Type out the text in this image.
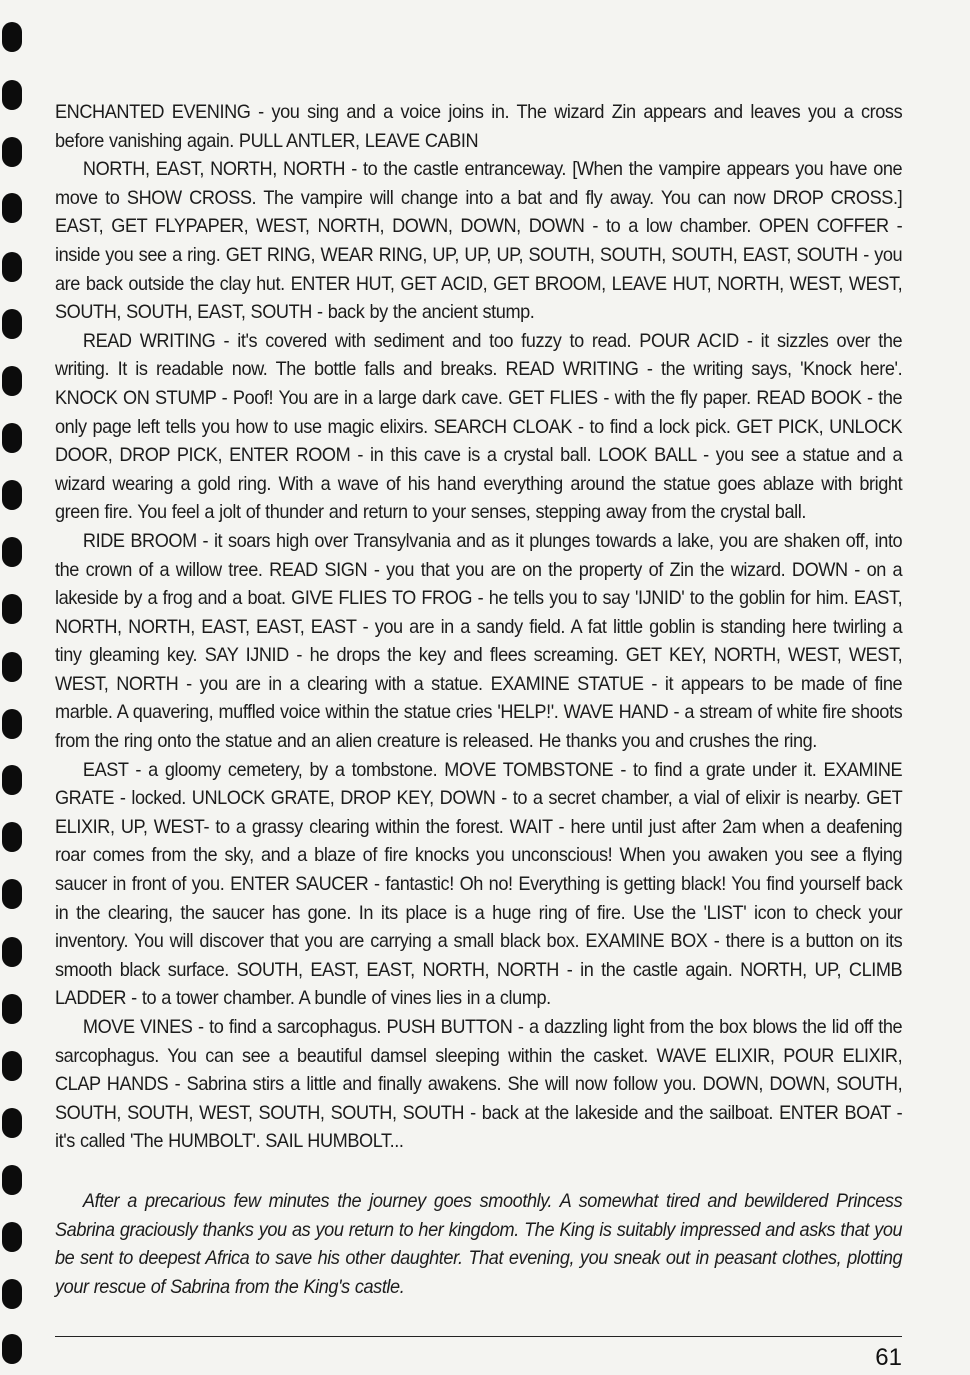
ENCHANTED EVENING - you sing and a voice joins in. The wizard Zin appears and leaves you a cross before vanishing again. PULL ANTLER, LEAVE CABIN

NORTH, EAST, NORTH, NORTH - to the castle entranceway. [When the vampire appears you have one move to SHOW CROSS. The vampire will change into a bat and fly away. You can now DROP CROSS.] EAST, GET FLYPAPER, WEST, NORTH, DOWN, DOWN, DOWN - to a low chamber. OPEN COFFER - inside you see a ring. GET RING, WEAR RING, UP, UP, UP, SOUTH, SOUTH, SOUTH, EAST, SOUTH - you are back outside the clay hut. ENTER HUT, GET ACID, GET BROOM, LEAVE HUT, NORTH, WEST, WEST, SOUTH, SOUTH, EAST, SOUTH - back by the ancient stump.

READ WRITING - it's covered with sediment and too fuzzy to read. POUR ACID - it sizzles over the writing. It is readable now. The bottle falls and breaks. READ WRITING - the writing says, 'Knock here'. KNOCK ON STUMP - Poof! You are in a large dark cave. GET FLIES - with the fly paper. READ BOOK - the only page left tells you how to use magic elixirs. SEARCH CLOAK - to find a lock pick. GET PICK, UNLOCK DOOR, DROP PICK, ENTER ROOM - in this cave is a crystal ball. LOOK BALL - you see a statue and a wizard wearing a gold ring. With a wave of his hand everything around the statue goes ablaze with bright green fire. You feel a jolt of thunder and return to your senses, stepping away from the crystal ball.

RIDE BROOM - it soars high over Transylvania and as it plunges towards a lake, you are shaken off, into the crown of a willow tree. READ SIGN - you that you are on the property of Zin the wizard. DOWN - on a lakeside by a frog and a boat. GIVE FLIES TO FROG - he tells you to say 'IJNID' to the goblin for him. EAST, NORTH, NORTH, EAST, EAST, EAST - you are in a sandy field. A fat little goblin is standing here twirling a tiny gleaming key. SAY IJNID - he drops the key and flees screaming. GET KEY, NORTH, WEST, WEST, WEST, NORTH - you are in a clearing with a statue. EXAMINE STATUE - it appears to be made of fine marble. A quavering, muffled voice within the statue cries 'HELP!'. WAVE HAND - a stream of white fire shoots from the ring onto the statue and an alien creature is released. He thanks you and crushes the ring.

EAST - a gloomy cemetery, by a tombstone. MOVE TOMBSTONE - to find a grate under it. EXAMINE GRATE - locked. UNLOCK GRATE, DROP KEY, DOWN - to a secret chamber, a vial of elixir is nearby. GET ELIXIR, UP, WEST- to a grassy clearing within the forest. WAIT - here until just after 2am when a deafening roar comes from the sky, and a blaze of fire knocks you unconscious! When you awaken you see a flying saucer in front of you. ENTER SAUCER - fantastic! Oh no! Everything is getting black! You find yourself back in the clearing, the saucer has gone. In its place is a huge ring of fire. Use the 'LIST' icon to check your inventory. You will discover that you are carrying a small black box. EXAMINE BOX - there is a button on its smooth black surface. SOUTH, EAST, EAST, NORTH, NORTH - in the castle again. NORTH, UP, CLIMB LADDER - to a tower chamber. A bundle of vines lies in a clump.

MOVE VINES - to find a sarcophagus. PUSH BUTTON - a dazzling light from the box blows the lid off the sarcophagus. You can see a beautiful damsel sleeping within the casket. WAVE ELIXIR, POUR ELIXIR, CLAP HANDS - Sabrina stirs a little and finally awakens. She will now follow you. DOWN, DOWN, SOUTH, SOUTH, SOUTH, WEST, SOUTH, SOUTH, SOUTH - back at the lakeside and the sailboat. ENTER BOAT - it's called 'The HUMBOLT'. SAIL HUMBOLT...

After a precarious few minutes the journey goes smoothly. A somewhat tired and bewildered Princess Sabrina graciously thanks you as you return to her kingdom. The King is suitably impressed and asks that you be sent to deepest Africa to save his other daughter. That evening, you sneak out in peasant clothes, plotting your rescue of Sabrina from the King's castle.

61
